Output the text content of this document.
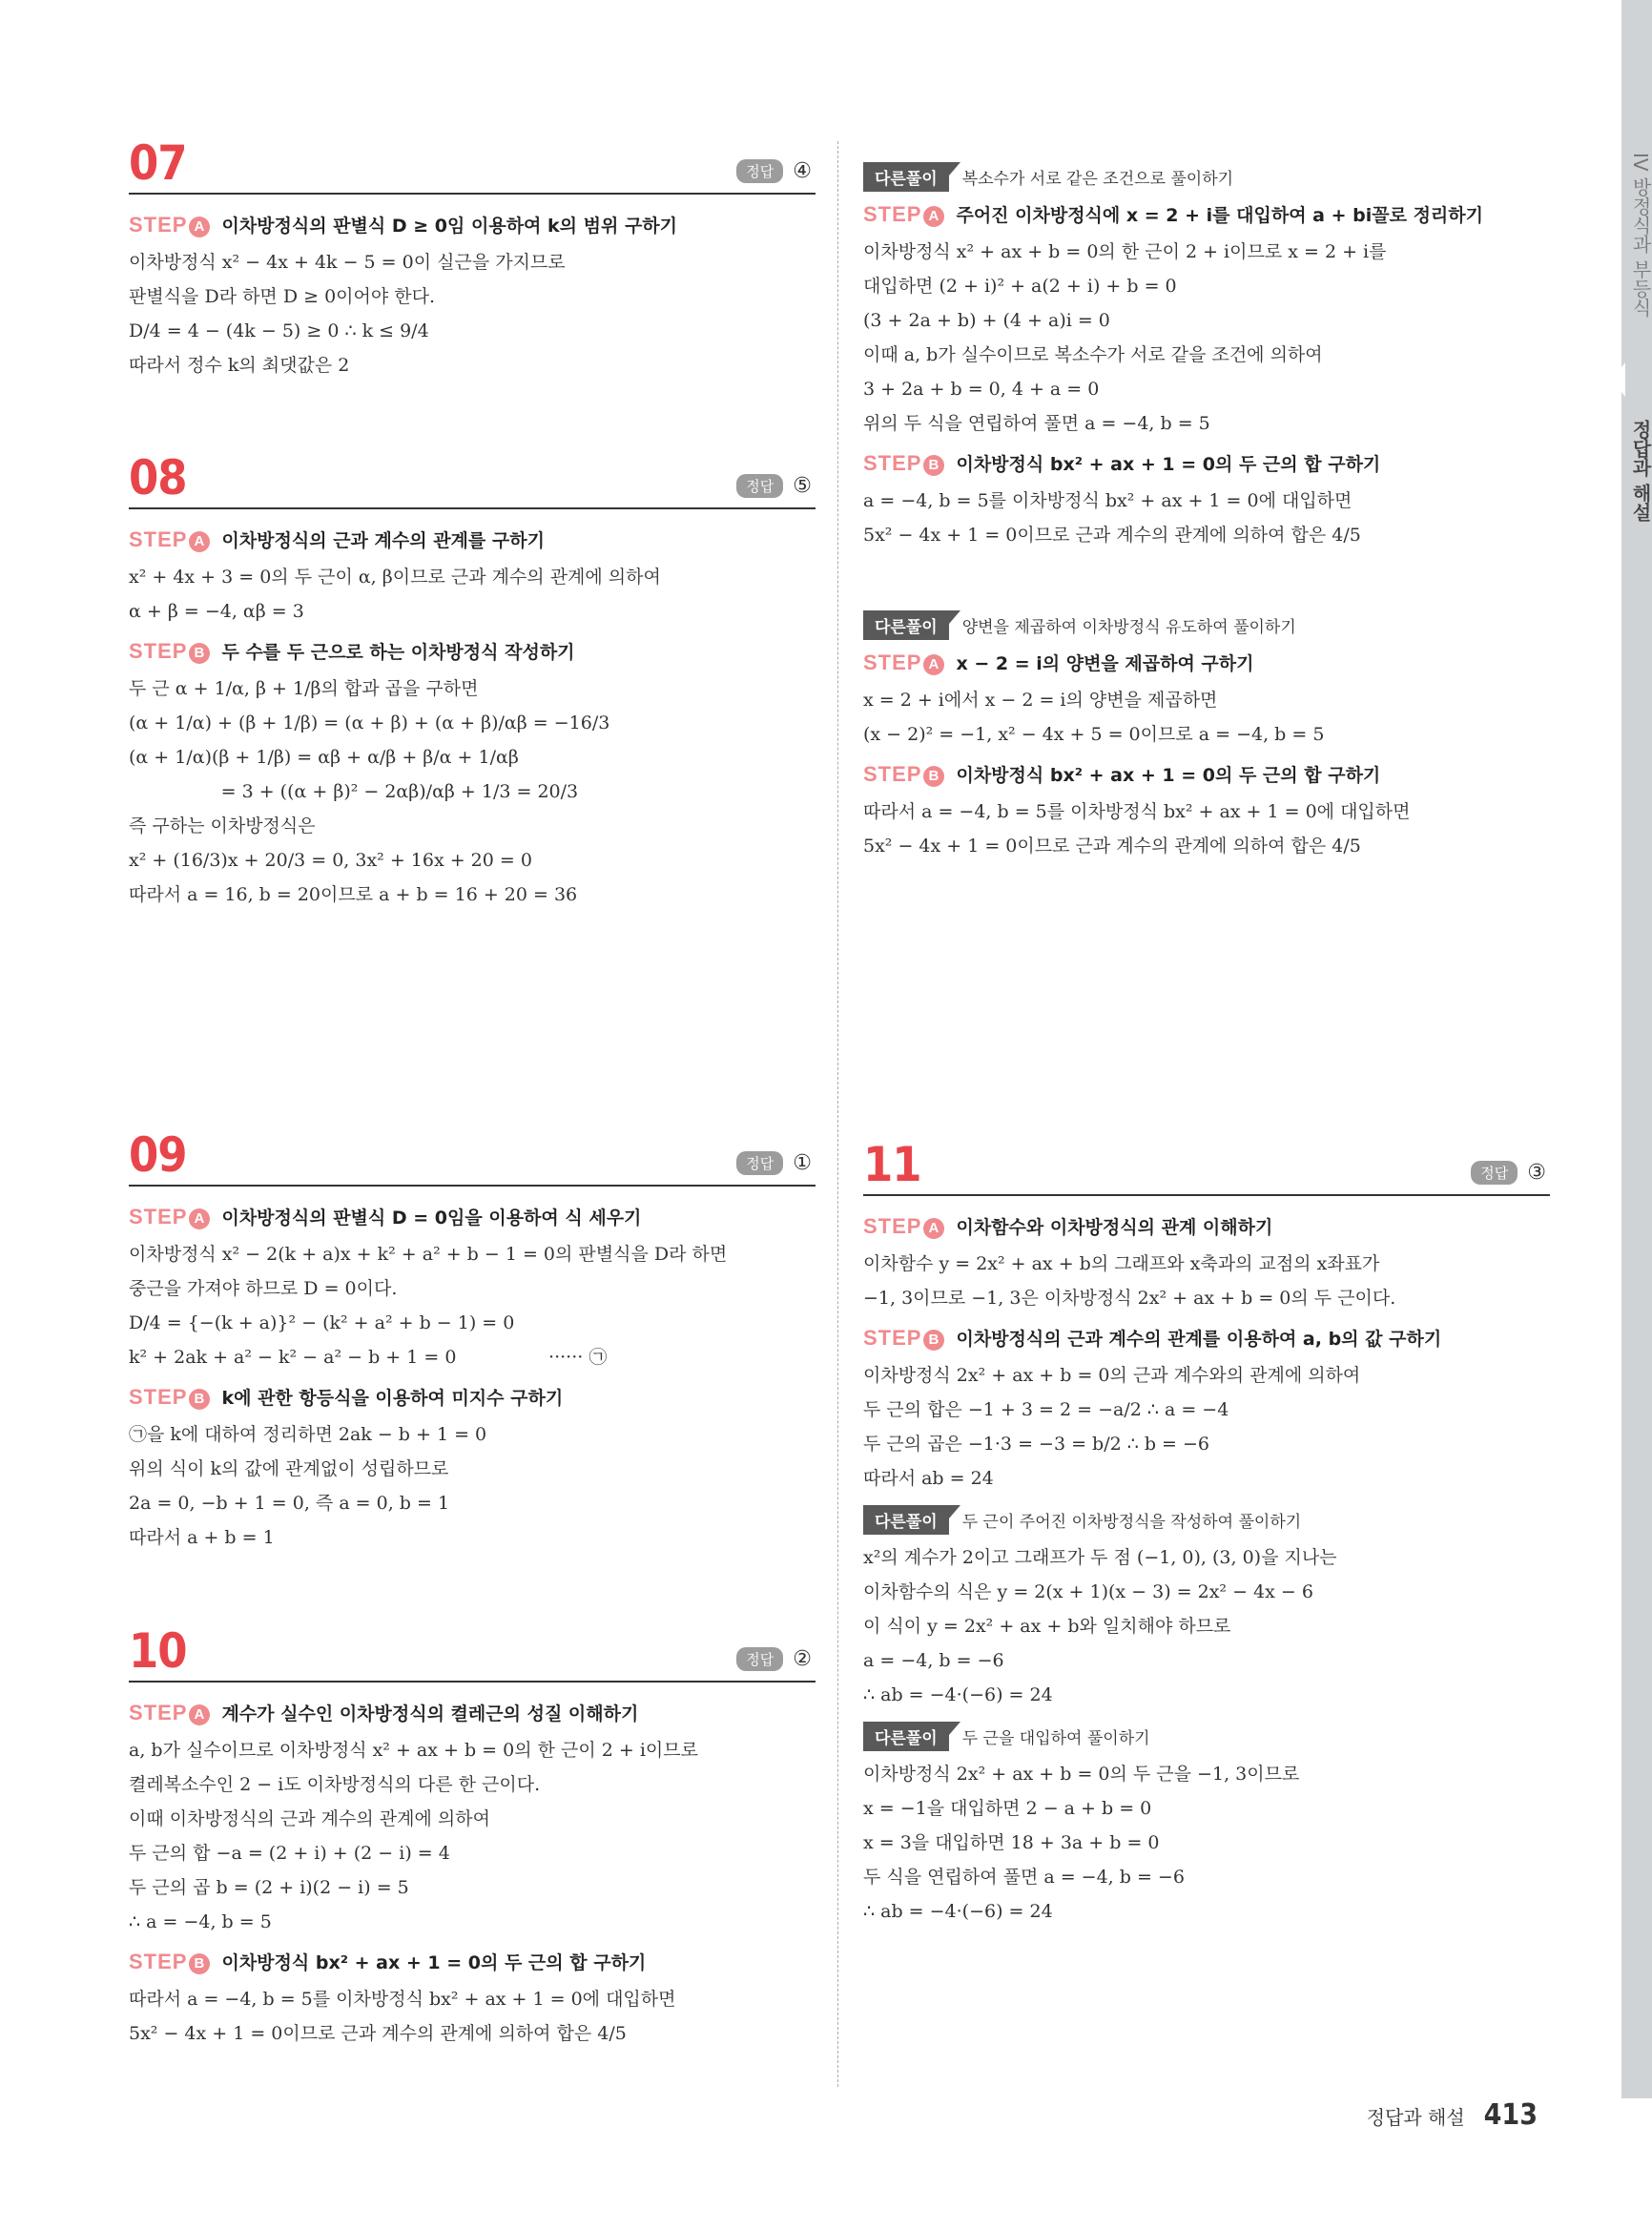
07	정답 ④
STEP A 이차방정식의 판별식 D ≥ 0임 이용하여 k의 범위 구하기
이차방정식 x² − 4x + 4k − 5 = 0이 실근을 가지므로
판별식을 D라 하면 D ≥ 0이어야 한다.
D/4 = 4 − (4k − 5) ≥ 0 ∴ k ≤ 9/4
따라서 정수 k의 최댓값은 2
08	정답 ⑤
STEP A 이차방정식의 근과 계수의 관계를 구하기
x² + 4x + 3 = 0의 두 근이 α, β이므로 근과 계수의 관계에 의하여
α + β = −4, αβ = 3
STEP B 두 수를 두 근으로 하는 이차방정식 작성하기
두 근 α + 1/α, β + 1/β의 합과 곱을 구하면
(α + 1/α) + (β + 1/β) = (α + β) + (α + β)/αβ = −16/3
(α + 1/α)(β + 1/β) = αβ + α/β + β/α + 1/αβ
= 3 + ((α + β)² − 2αβ)/αβ + 1/3 = 20/3
즉 구하는 이차방정식은
x² + (16/3)x + 20/3 = 0, 3x² + 16x + 20 = 0
따라서 a = 16, b = 20이므로 a + b = 16 + 20 = 36
09	정답 ①
STEP A 이차방정식의 판별식 D = 0임을 이용하여 식 세우기
이차방정식 x² − 2(k + a)x + k² + a² + b − 1 = 0의 판별식을 D라 하면
중근을 가져야 하므로 D = 0이다.
D/4 = {−(k + a)}² − (k² + a² + b − 1) = 0
k² + 2ak + a² − k² − a² − b + 1 = 0                ······ ㉠
STEP B k에 관한 항등식을 이용하여 미지수 구하기
㉠을 k에 대하여 정리하면 2ak − b + 1 = 0
위의 식이 k의 값에 관계없이 성립하므로
2a = 0, −b + 1 = 0, 즉 a = 0, b = 1
따라서 a + b = 1
10	정답 ②
STEP A 계수가 실수인 이차방정식의 켤레근의 성질 이해하기
a, b가 실수이므로 이차방정식 x² + ax + b = 0의 한 근이 2 + i이므로
켤레복소수인 2 − i도 이차방정식의 다른 한 근이다.
이때 이차방정식의 근과 계수의 관계에 의하여
두 근의 합 −a = (2 + i) + (2 − i) = 4
두 근의 곱 b = (2 + i)(2 − i) = 5
∴ a = −4, b = 5
STEP B 이차방정식 bx² + ax + 1 = 0의 두 근의 합 구하기
따라서 a = −4, b = 5를 이차방정식 bx² + ax + 1 = 0에 대입하면
5x² − 4x + 1 = 0이므로 근과 계수의 관계에 의하여 합은 4/5
다른풀이	복소수가 서로 같은 조건으로 풀이하기
STEP A 주어진 이차방정식에 x = 2 + i를 대입하여 a + bi꼴로 정리하기
이차방정식 x² + ax + b = 0의 한 근이 2 + i이므로 x = 2 + i를
대입하면 (2 + i)² + a(2 + i) + b = 0
(3 + 2a + b) + (4 + a)i = 0
이때 a, b가 실수이므로 복소수가 서로 같을 조건에 의하여
3 + 2a + b = 0, 4 + a = 0
위의 두 식을 연립하여 풀면 a = −4, b = 5
STEP B 이차방정식 bx² + ax + 1 = 0의 두 근의 합 구하기
a = −4, b = 5를 이차방정식 bx² + ax + 1 = 0에 대입하면
5x² − 4x + 1 = 0이므로 근과 계수의 관계에 의하여 합은 4/5
다른풀이	양변을 제곱하여 이차방정식 유도하여 풀이하기
STEP A x − 2 = i의 양변을 제곱하여 구하기
x = 2 + i에서 x − 2 = i의 양변을 제곱하면
(x − 2)² = −1, x² − 4x + 5 = 0이므로 a = −4, b = 5
STEP B 이차방정식 bx² + ax + 1 = 0의 두 근의 합 구하기
따라서 a = −4, b = 5를 이차방정식 bx² + ax + 1 = 0에 대입하면
5x² − 4x + 1 = 0이므로 근과 계수의 관계에 의하여 합은 4/5
11	정답 ③
STEP A 이차함수와 이차방정식의 관계 이해하기
이차함수 y = 2x² + ax + b의 그래프와 x축과의 교점의 x좌표가
−1, 3이므로 −1, 3은 이차방정식 2x² + ax + b = 0의 두 근이다.
STEP B 이차방정식의 근과 계수의 관계를 이용하여 a, b의 값 구하기
이차방정식 2x² + ax + b = 0의 근과 계수와의 관계에 의하여
두 근의 합은 −1 + 3 = 2 = −a/2 ∴ a = −4
두 근의 곱은 −1·3 = −3 = b/2 ∴ b = −6
따라서 ab = 24
다른풀이	두 근이 주어진 이차방정식을 작성하여 풀이하기
x²의 계수가 2이고 그래프가 두 점 (−1, 0), (3, 0)을 지나는
이차함수의 식은 y = 2(x + 1)(x − 3) = 2x² − 4x − 6
이 식이 y = 2x² + ax + b와 일치해야 하므로
a = −4, b = −6
∴ ab = −4·(−6) = 24
다른풀이	두 근을 대입하여 풀이하기
이차방정식 2x² + ax + b = 0의 두 근을 −1, 3이므로
x = −1을 대입하면 2 − a + b = 0
x = 3을 대입하면 18 + 3a + b = 0
두 식을 연립하여 풀면 a = −4, b = −6
∴ ab = −4·(−6) = 24
IV 방정식과 부등식
정답과 해설
정답과 해설 413
